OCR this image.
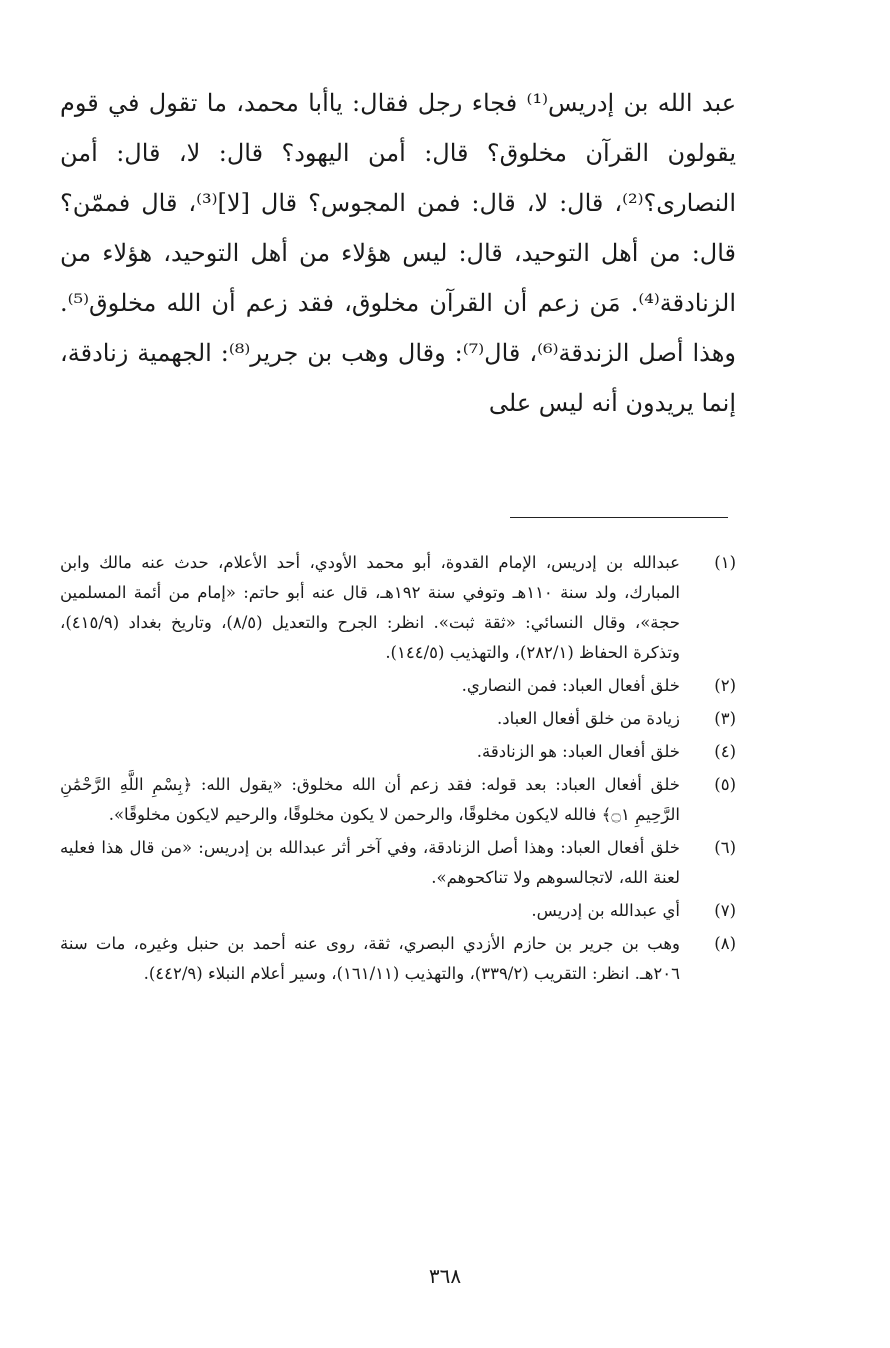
عبد الله بن إدريس⁽¹⁾ فجاء رجل فقال: ياأبا محمد، ما تقول في قوم يقولون القرآن مخلوق؟ قال: أمن اليهود؟ قال: لا، قال: أمن النصارى؟⁽²⁾، قال: لا، قال: فمن المجوس؟ قال [لا]⁽³⁾، قال فممّن؟ قال: من أهل التوحيد، قال: ليس هؤلاء من أهل التوحيد، هؤلاء من الزنادقة⁽⁴⁾. مَن زعم أن القرآن مخلوق، فقد زعم أن الله مخلوق⁽⁵⁾. وهذا أصل الزندقة⁽⁶⁾، قال⁽⁷⁾: وقال وهب بن جرير⁽⁸⁾: الجهمية زنادقة، إنما يريدون أنه ليس على

(١)
عبدالله بن إدريس، الإمام القدوة، أبو محمد الأودي، أحد الأعلام، حدث عنه مالك وابن المبارك، ولد سنة ١١٠هـ وتوفي سنة ١٩٢هـ، قال عنه أبو حاتم: «إمام من أئمة المسلمين حجة»، وقال النسائي: «ثقة ثبت». انظر: الجرح والتعديل (٨/٥)، وتاريخ بغداد (٤١٥/٩)، وتذكرة الحفاظ (٢٨٢/١)، والتهذيب (١٤٤/٥).
(٢)
خلق أفعال العباد: فمن النصاري.
(٣)
زيادة من خلق أفعال العباد.
(٤)
خلق أفعال العباد: هو الزنادقة.
(٥)
خلق أفعال العباد: بعد قوله: فقد زعم أن الله مخلوق: «يقول الله: ﴿بِسْمِ اللَّهِ الرَّحْمَٰنِ الرَّحِيمِ ۝١﴾ فالله لايكون مخلوقًا، والرحمن لا يكون مخلوقًا، والرحيم لايكون مخلوقًا».
(٦)
خلق أفعال العباد: وهذا أصل الزنادقة، وفي آخر أثر عبدالله بن إدريس: «من قال هذا فعليه لعنة الله، لاتجالسوهم ولا تناكحوهم».
(٧)
أي عبدالله بن إدريس.
(٨)
وهب بن جرير بن حازم الأزدي البصري، ثقة، روى عنه أحمد بن حنبل وغيره، مات سنة ٢٠٦هـ. انظر: التقريب (٣٣٩/٢)، والتهذيب (١٦١/١١)، وسير أعلام النبلاء (٤٤٢/٩).
٣٦٨
